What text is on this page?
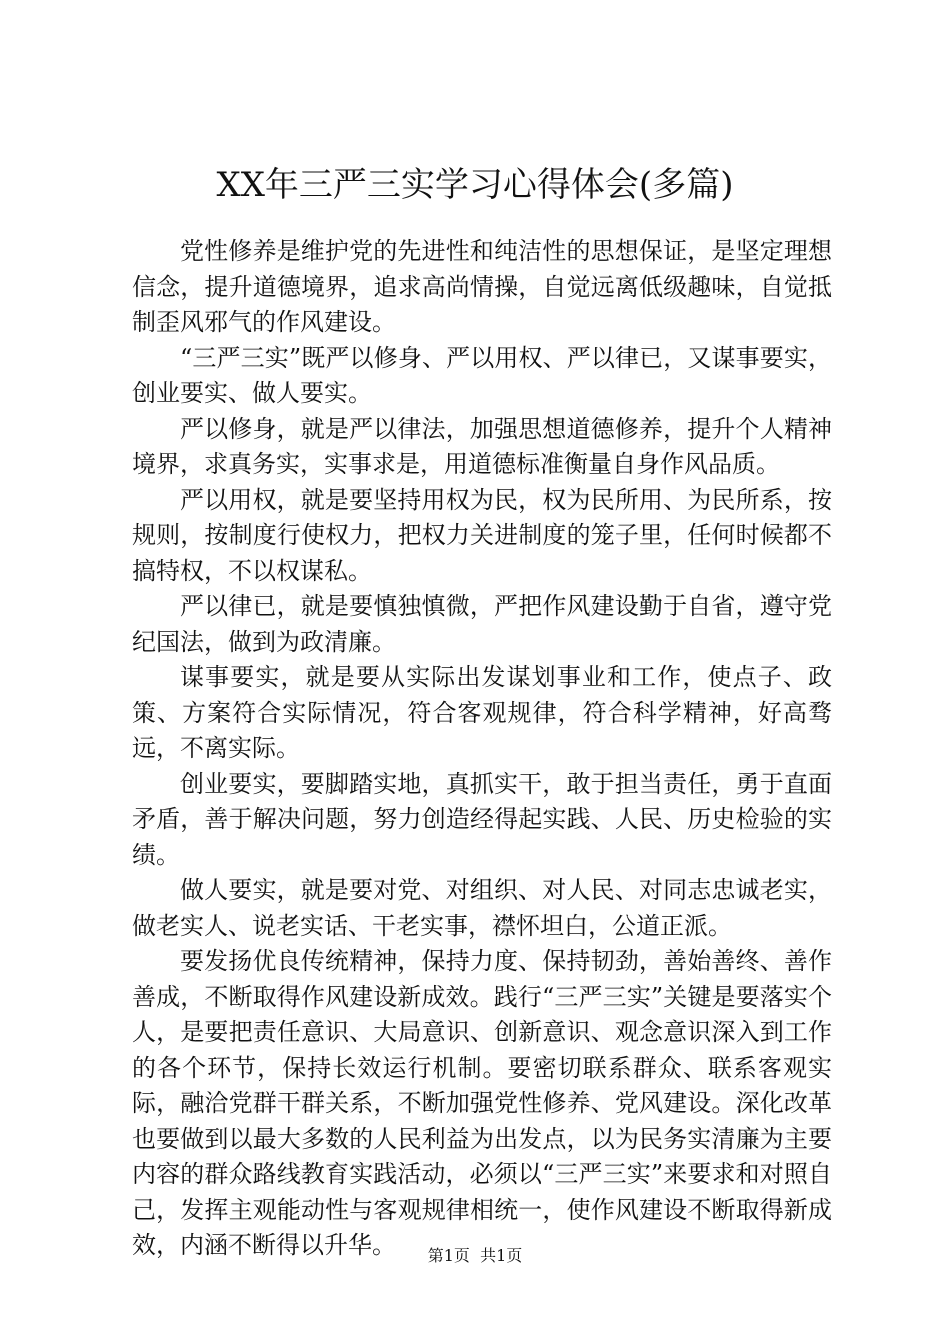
XX年三严三实学习心得体会(多篇)

党性修养是维护党的先进性和纯洁性的思想保证，是坚定理想信念，提升道德境界，追求高尚情操，自觉远离低级趣味，自觉抵制歪风邪气的作风建设。

“三严三实”既严以修身、严以用权、严以律已，又谋事要实，创业要实、做人要实。

严以修身，就是严以律法，加强思想道德修养，提升个人精神境界，求真务实，实事求是，用道德标准衡量自身作风品质。

严以用权，就是要坚持用权为民，权为民所用、为民所系，按规则，按制度行使权力，把权力关进制度的笼子里，任何时候都不搞特权，不以权谋私。

严以律已，就是要慎独慎微，严把作风建设勤于自省，遵守党纪国法，做到为政清廉。

谋事要实，就是要从实际出发谋划事业和工作，使点子、政策、方案符合实际情况，符合客观规律，符合科学精神，好高骛远，不离实际。

创业要实，要脚踏实地，真抓实干，敢于担当责任，勇于直面矛盾，善于解决问题，努力创造经得起实践、人民、历史检验的实绩。

做人要实，就是要对党、对组织、对人民、对同志忠诚老实，做老实人、说老实话、干老实事，襟怀坦白，公道正派。

要发扬优良传统精神，保持力度、保持韧劲，善始善终、善作善成，不断取得作风建设新成效。践行“三严三实”关键是要落实个人，是要把责任意识、大局意识、创新意识、观念意识深入到工作的各个环节，保持长效运行机制。要密切联系群众、联系客观实际，融洽党群干群关系，不断加强党性修养、党风建设。深化改革也要做到以最大多数的人民利益为出发点，以为民务实清廉为主要内容的群众路线教育实践活动，必须以“三严三实”来要求和对照自己，发挥主观能动性与客观规律相统一，使作风建设不断取得新成效，内涵不断得以升华。	第1页 共1页
